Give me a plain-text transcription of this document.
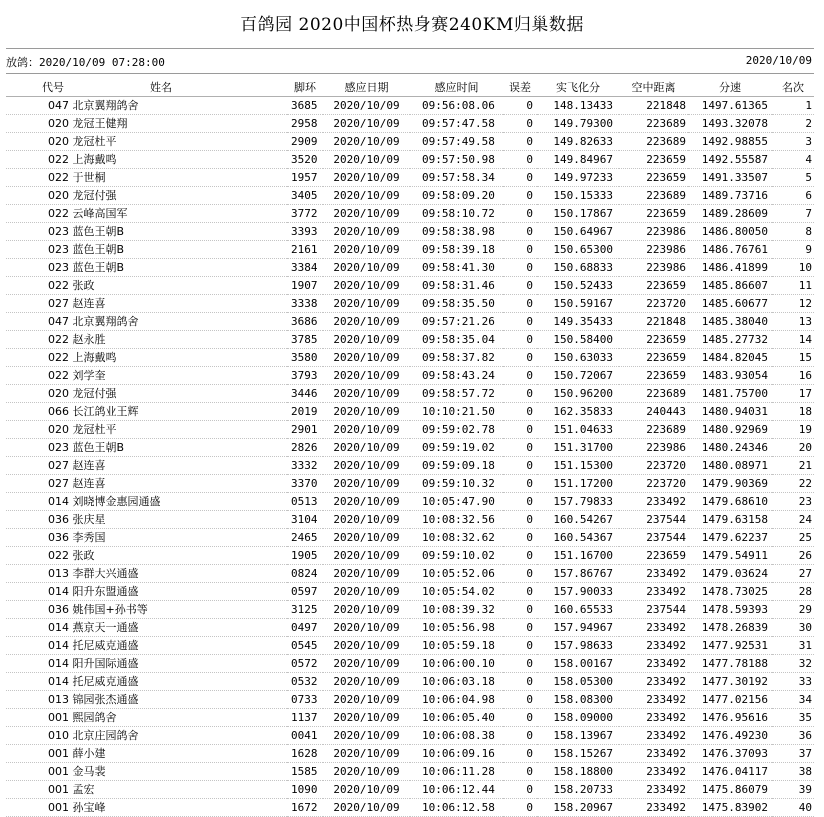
百鸽园 2020中国杯热身赛240KM归巢数据
放鸽：2020/10/09 07:28:00	2020/10/09
代号 姓名	脚环	感应日期	感应时间	误差	实飞化分	空中距离	分速	名次
047 北京翼翔鸽舍	3685	2020/10/09	09:56:08.06	0	148.13433	221848	1497.61365	1
020 龙冠王健翔	2958	2020/10/09	09:57:47.58	0	149.79300	223689	1493.32078	2
020 龙冠杜平	2909	2020/10/09	09:57:49.58	0	149.82633	223689	1492.98855	3
022 上海戴鸣	3520	2020/10/09	09:57:50.98	0	149.84967	223659	1492.55587	4
022 于世桐	1957	2020/10/09	09:57:58.34	0	149.97233	223659	1491.33507	5
020 龙冠付强	3405	2020/10/09	09:58:09.20	0	150.15333	223689	1489.73716	6
022 云峰高国军	3772	2020/10/09	09:58:10.72	0	150.17867	223659	1489.28609	7
023 蓝色王朝B	3393	2020/10/09	09:58:38.98	0	150.64967	223986	1486.80050	8
023 蓝色王朝B	2161	2020/10/09	09:58:39.18	0	150.65300	223986	1486.76761	9
023 蓝色王朝B	3384	2020/10/09	09:58:41.30	0	150.68833	223986	1486.41899	10
022 张政	1907	2020/10/09	09:58:31.46	0	150.52433	223659	1485.86607	11
027 赵连喜	3338	2020/10/09	09:58:35.50	0	150.59167	223720	1485.60677	12
047 北京翼翔鸽舍	3686	2020/10/09	09:57:21.26	0	149.35433	221848	1485.38040	13
022 赵永胜	3785	2020/10/09	09:58:35.04	0	150.58400	223659	1485.27732	14
022 上海戴鸣	3580	2020/10/09	09:58:37.82	0	150.63033	223659	1484.82045	15
022 刘学奎	3793	2020/10/09	09:58:43.24	0	150.72067	223659	1483.93054	16
020 龙冠付强	3446	2020/10/09	09:58:57.72	0	150.96200	223689	1481.75700	17
066 长江鸽业王辉	2019	2020/10/09	10:10:21.50	0	162.35833	240443	1480.94031	18
020 龙冠杜平	2901	2020/10/09	09:59:02.78	0	151.04633	223689	1480.92969	19
023 蓝色王朝B	2826	2020/10/09	09:59:19.02	0	151.31700	223986	1480.24346	20
027 赵连喜	3332	2020/10/09	09:59:09.18	0	151.15300	223720	1480.08971	21
027 赵连喜	3370	2020/10/09	09:59:10.32	0	151.17200	223720	1479.90369	22
014 刘晓博金惠园通盛	0513	2020/10/09	10:05:47.90	0	157.79833	233492	1479.68610	23
036 张庆星	3104	2020/10/09	10:08:32.56	0	160.54267	237544	1479.63158	24
036 李秀国	2465	2020/10/09	10:08:32.62	0	160.54367	237544	1479.62237	25
022 张政	1905	2020/10/09	09:59:10.02	0	151.16700	223659	1479.54911	26
013 李群大兴通盛	0824	2020/10/09	10:05:52.06	0	157.86767	233492	1479.03624	27
014 阳升东盟通盛	0597	2020/10/09	10:05:54.02	0	157.90033	233492	1478.73025	28
036 姚伟国+孙书等	3125	2020/10/09	10:08:39.32	0	160.65533	237544	1478.59393	29
014 燕京天一通盛	0497	2020/10/09	10:05:56.98	0	157.94967	233492	1478.26839	30
014 托尼威克通盛	0545	2020/10/09	10:05:59.18	0	157.98633	233492	1477.92531	31
014 阳升国际通盛	0572	2020/10/09	10:06:00.10	0	158.00167	233492	1477.78188	32
014 托尼威克通盛	0532	2020/10/09	10:06:03.18	0	158.05300	233492	1477.30192	33
013 锦园张杰通盛	0733	2020/10/09	10:06:04.98	0	158.08300	233492	1477.02156	34
001 熙园鸽舍	1137	2020/10/09	10:06:05.40	0	158.09000	233492	1476.95616	35
010 北京庄园鸽舍	0041	2020/10/09	10:06:08.38	0	158.13967	233492	1476.49230	36
001 薛小建	1628	2020/10/09	10:06:09.16	0	158.15267	233492	1476.37093	37
001 金马裴	1585	2020/10/09	10:06:11.28	0	158.18800	233492	1476.04117	38
001 孟宏	1090	2020/10/09	10:06:12.44	0	158.20733	233492	1475.86079	39
001 孙宝峰	1672	2020/10/09	10:06:12.58	0	158.20967	233492	1475.83902	40
